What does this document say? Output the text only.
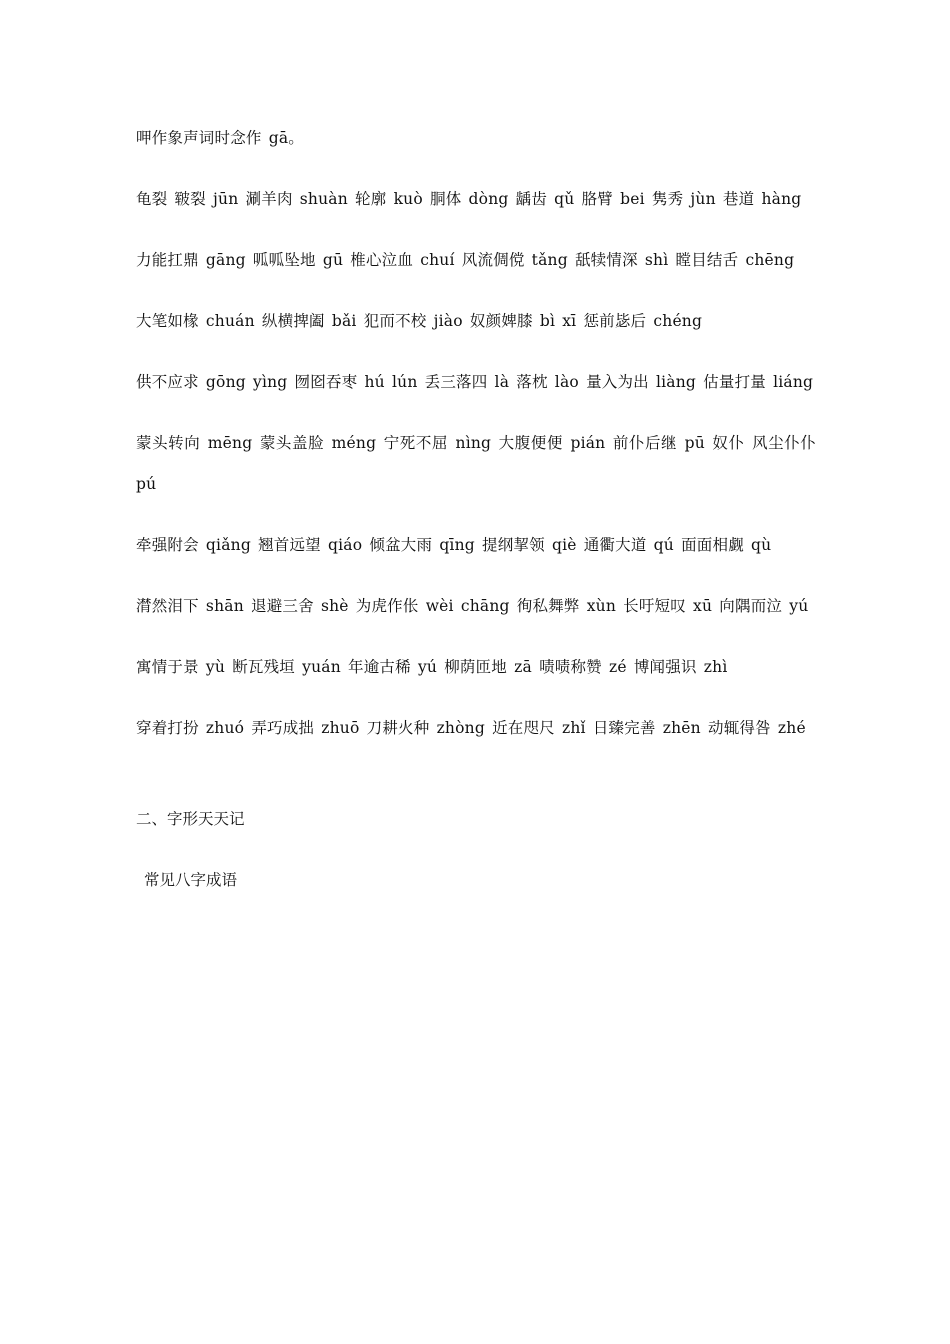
呷作象声词时念作 gā。

龟裂 皲裂 jūn 涮羊肉 shuàn 轮廓 kuò 胴体 dòng 龋齿 qǔ 胳臂 bei 隽秀 jùn 巷道 hàng

力能扛鼎 gāng 呱呱坠地 gū 椎心泣血 chuí 风流倜傥 tǎng 舐犊情深 shì 瞠目结舌 chēng

大笔如椽 chuán 纵横捭阖 bǎi 犯而不校 jiào 奴颜婢膝 bì xī 惩前毖后 chéng

供不应求 gōng yìng 囫囵吞枣 hú lún 丢三落四 là 落枕 lào 量入为出 liàng 估量打量 liáng

蒙头转向 mēng 蒙头盖脸 méng 宁死不屈 nìng 大腹便便 pián 前仆后继 pū 奴仆 风尘仆仆 pú

牵强附会 qiǎng 翘首远望 qiáo 倾盆大雨 qīng 提纲挈领 qiè 通衢大道 qú 面面相觑 qù

潸然泪下 shān 退避三舍 shè 为虎作伥 wèi chāng 徇私舞弊 xùn 长吁短叹 xū 向隅而泣 yú

寓情于景 yù 断瓦残垣 yuán 年逾古稀 yú 柳荫匝地 zā 啧啧称赞 zé 博闻强识 zhì

穿着打扮 zhuó 弄巧成拙 zhuō 刀耕火种 zhòng 近在咫尺 zhǐ 日臻完善 zhēn 动辄得咎 zhé

二、字形天天记

常见八字成语
